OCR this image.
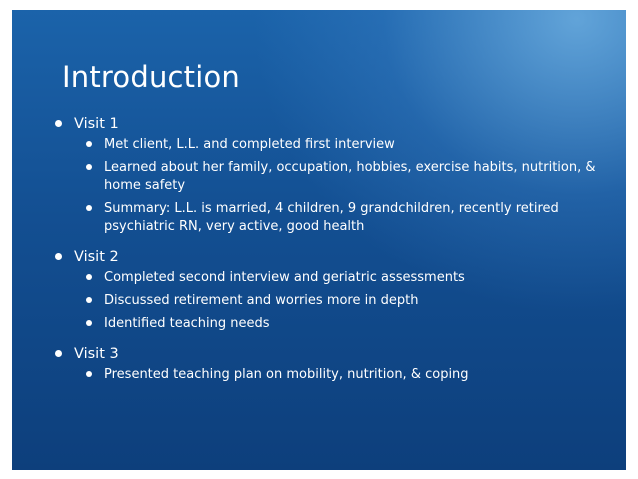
Introduction
Visit 1
Met client, L.L. and completed first interview
Learned about her family, occupation, hobbies, exercise habits, nutrition, & home safety
Summary: L.L. is married, 4 children, 9 grandchildren, recently retired psychiatric RN, very active, good health
Visit 2
Completed second interview and geriatric assessments
Discussed retirement and worries more in depth
Identified teaching needs
Visit 3
Presented teaching plan on mobility, nutrition, & coping
